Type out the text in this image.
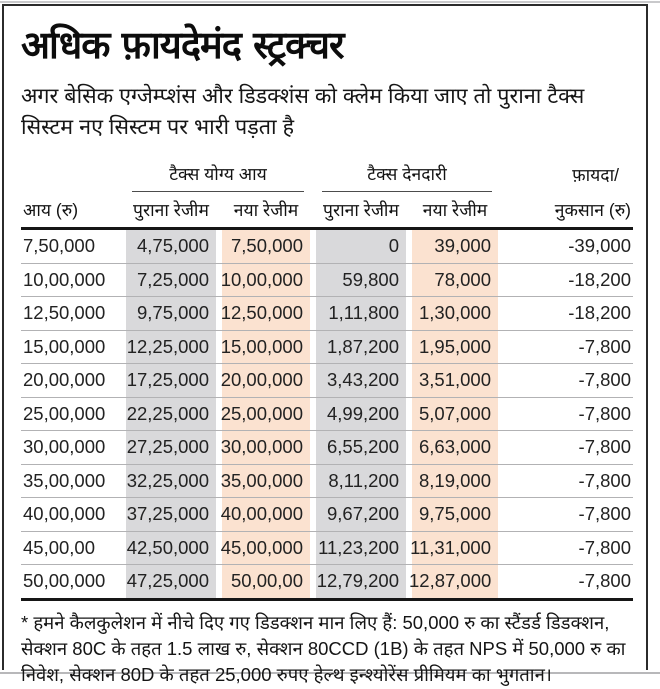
अधिक फ़ायदेमंद स्ट्रक्चर

अगर बेसिक एग्जेम्प्शंस और डिडक्शंस को क्लेम किया जाए तो पुराना टैक्स सिस्टम नए सिस्टम पर भारी पड़ता है

	टैक्स योग्य आय		टैक्स देनदारी		फ़ायदा/
आय (रु)	पुराना रेजीम	नया रेजीम	पुराना रेजीम	नया रेजीम	नुकसान (रु)
7,50,000	4,75,000	7,50,000	0	39,000	-39,000
10,00,000	7,25,000	10,00,000	59,800	78,000	-18,200
12,50,000	9,75,000	12,50,000	1,11,800	1,30,000	-18,200
15,00,000	12,25,000	15,00,000	1,87,200	1,95,000	-7,800
20,00,000	17,25,000	20,00,000	3,43,200	3,51,000	-7,800
25,00,000	22,25,000	25,00,000	4,99,200	5,07,000	-7,800
30,00,000	27,25,000	30,00,000	6,55,200	6,63,000	-7,800
35,00,000	32,25,000	35,00,000	8,11,200	8,19,000	-7,800
40,00,000	37,25,000	40,00,000	9,67,200	9,75,000	-7,800
45,00,00	42,50,000	45,00,000	11,23,200	11,31,000	-7,800
50,00,000	47,25,000	50,00,00	12,79,200	12,87,000	-7,800

* हमने कैलकुलेशन में नीचे दिए गए डिडक्शन मान लिए हैं: 50,000 रु का स्टैंडर्ड डिडक्शन, सेक्शन 80C के तहत 1.5 लाख रु, सेक्शन 80CCD (1B) के तहत NPS में 50,000 रु का निवेश, सेक्शन 80D के तहत 25,000 रुपए हेल्थ इन्श्योरेंस प्रीमियम का भुगतान।
